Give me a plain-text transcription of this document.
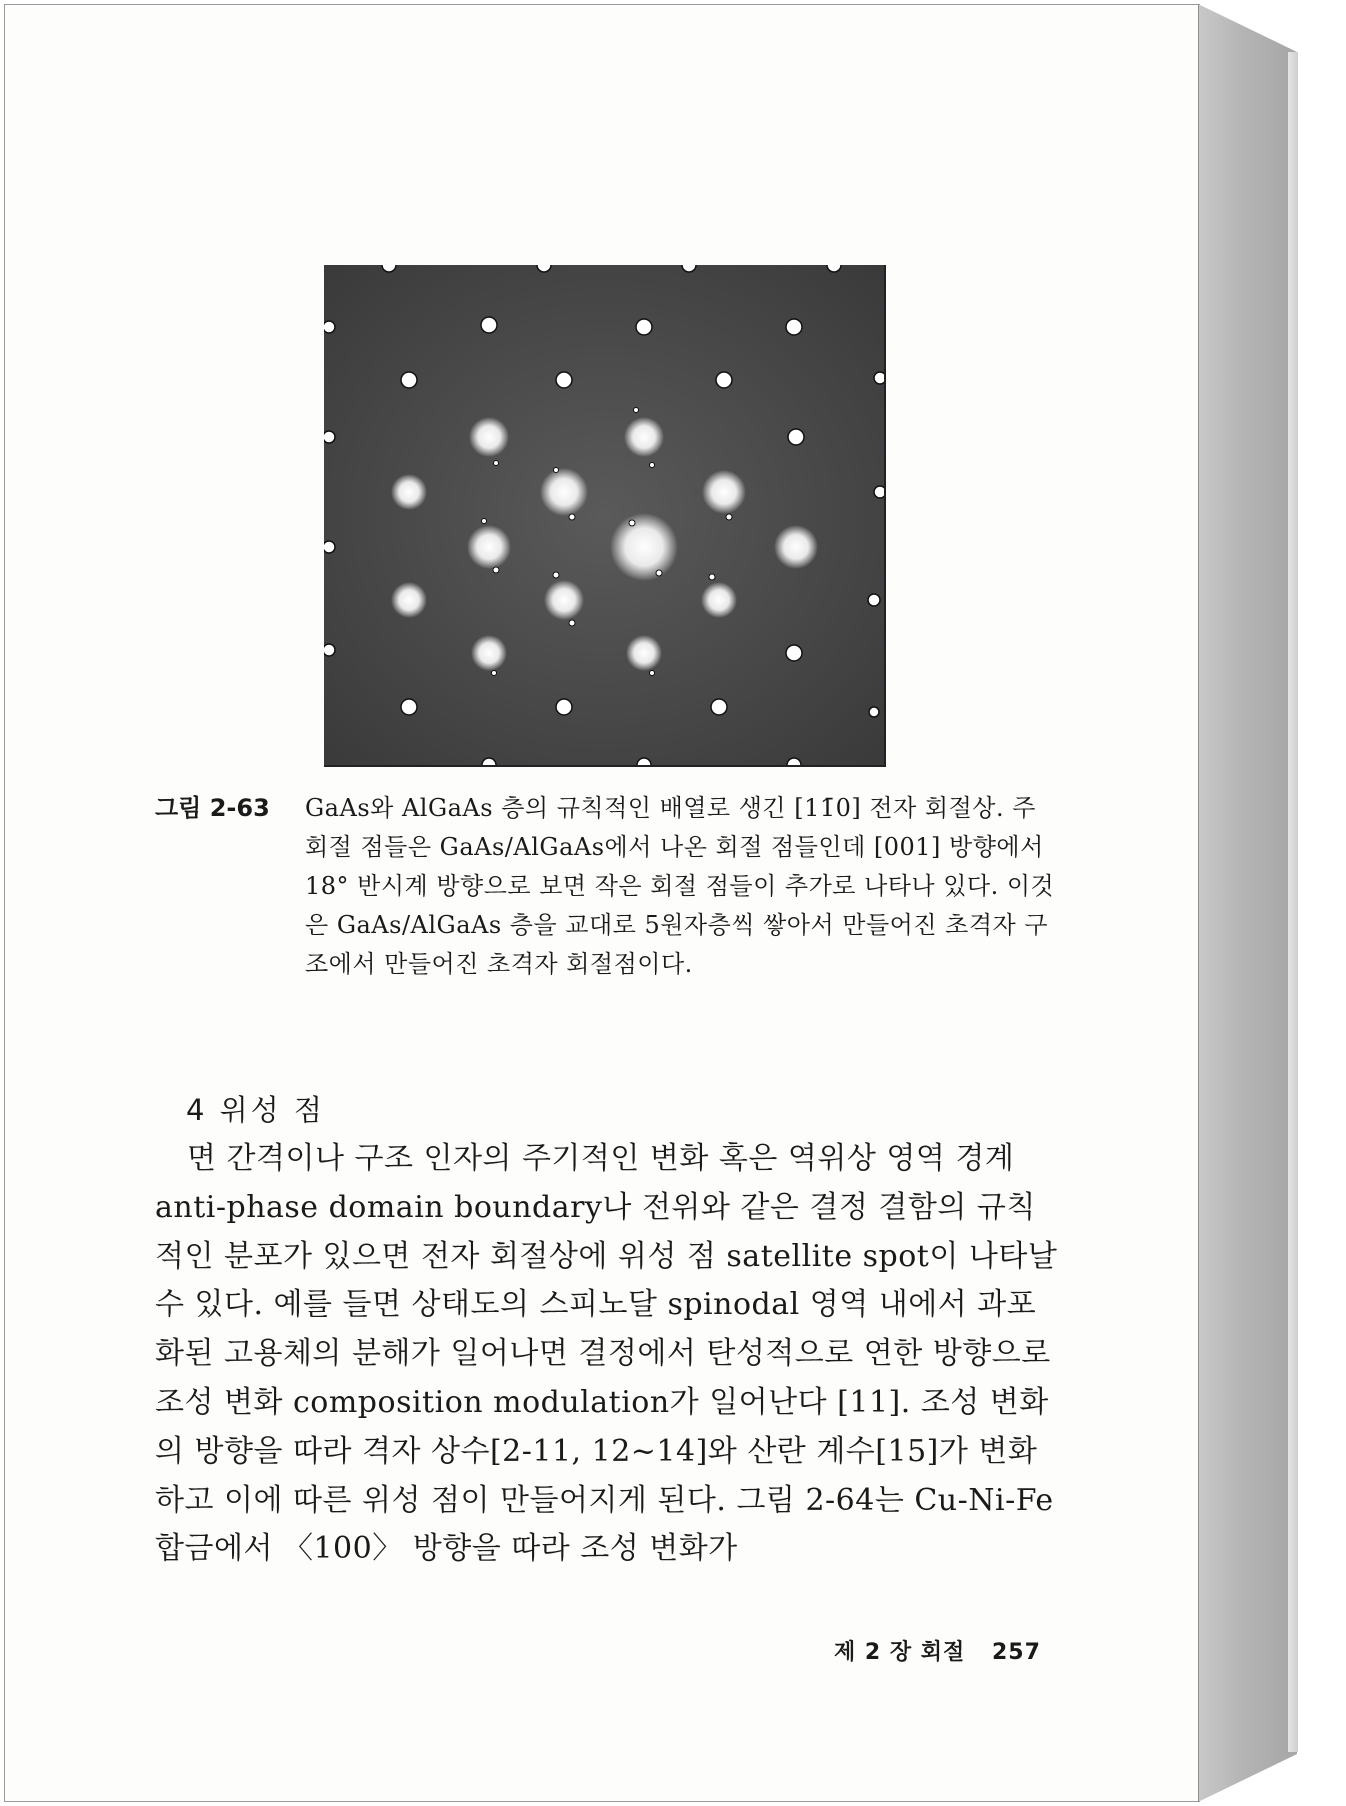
그림 2-63	GaAs와 AlGaAs 층의 규칙적인 배열로 생긴 [11̄0] 전자 회절상. 주 회절 점들은 GaAs/AlGaAs에서 나온 회절 점들인데 [001] 방향에서 18° 반시계 방향으로 보면 작은 회절 점들이 추가로 나타나 있다. 이것은 GaAs/AlGaAs 층을 교대로 5원자층씩 쌓아서 만들어진 초격자 구조에서 만들어진 초격자 회절점이다.
4 위성 점

면 간격이나 구조 인자의 주기적인 변화 혹은 역위상 영역 경계 anti-phase domain boundary나 전위와 같은 결정 결함의 규칙적인 분포가 있으면 전자 회절상에 위성 점 satellite spot이 나타날 수 있다. 예를 들면 상태도의 스피노달 spinodal 영역 내에서 과포화된 고용체의 분해가 일어나면 결정에서 탄성적으로 연한 방향으로 조성 변화 composition modulation가 일어난다 [11]. 조성 변화의 방향을 따라 격자 상수[2-11, 12~14]와 산란 계수[15]가 변화하고 이에 따른 위성 점이 만들어지게 된다. 그림 2-64는 Cu-Ni-Fe 합금에서 〈100〉 방향을 따라 조성 변화가

제 2 장 회절 257
